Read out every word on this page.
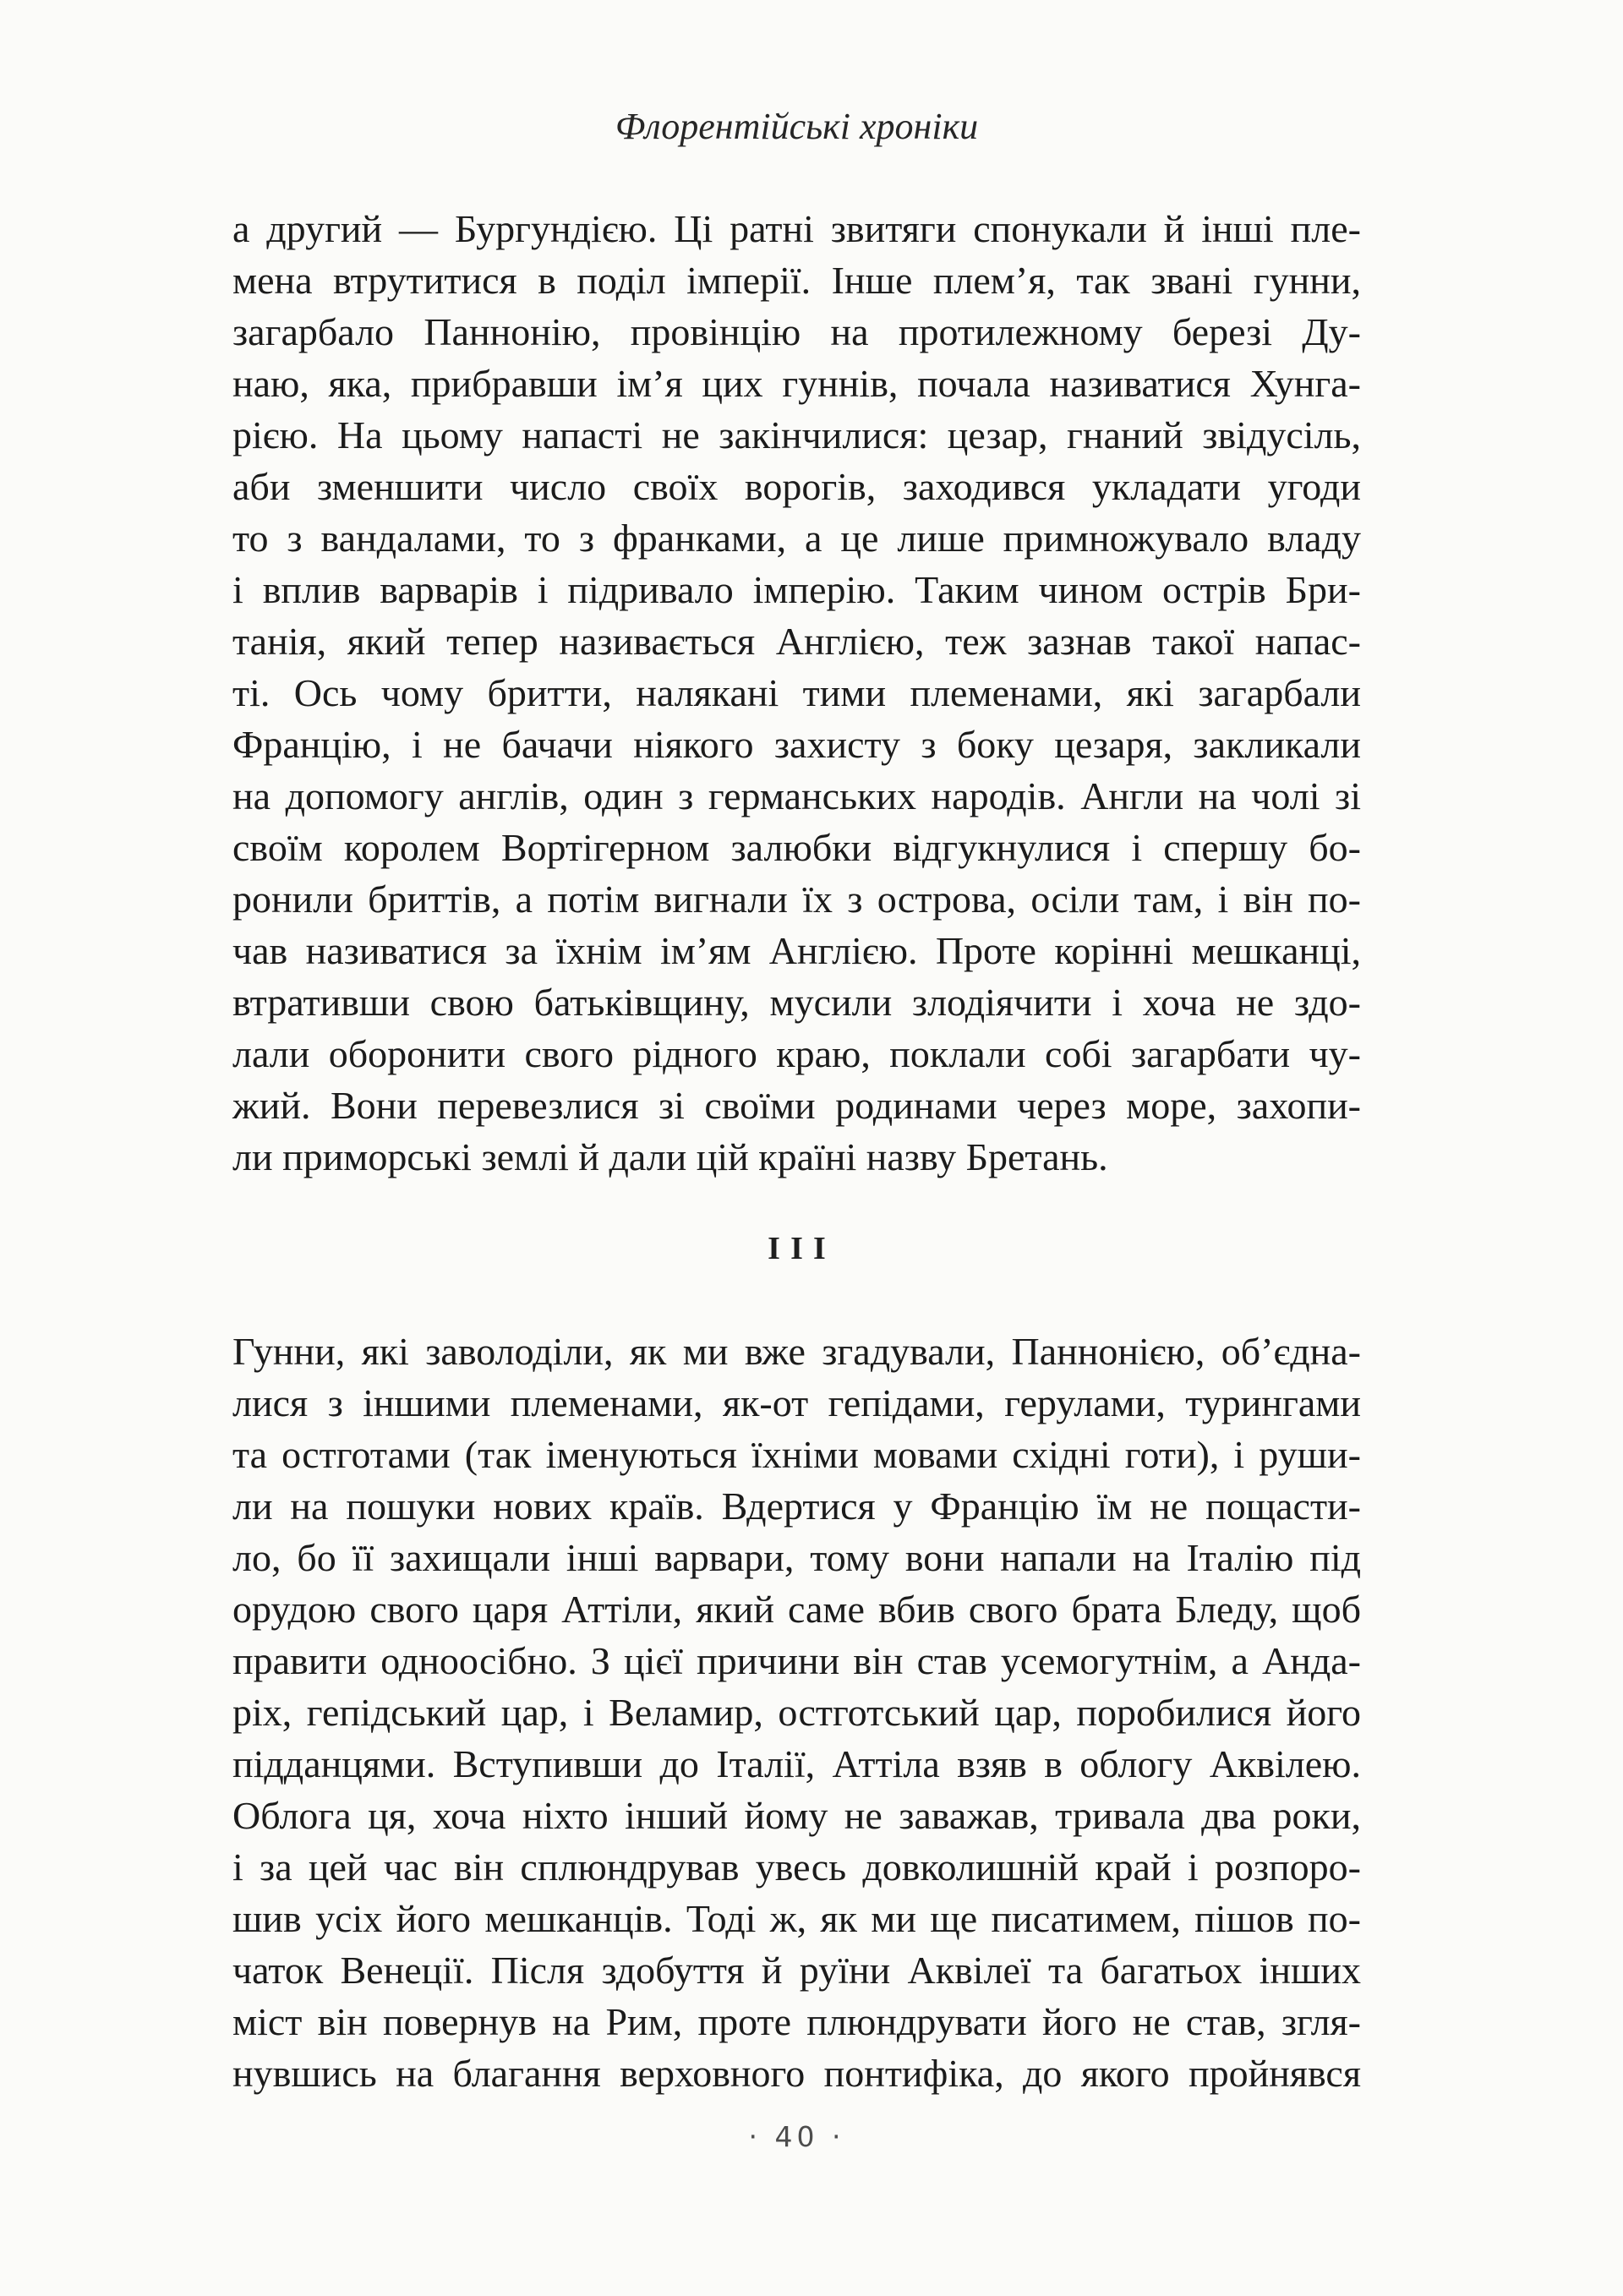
Флорентійські хроніки
а другий — Бургундією. Ці ратні звитяги спонукали й інші пле-
мена втрутитися в поділ імперії. Інше плем’я, так звані гунни,
загарбало Паннонію, провінцію на протилежному березі Ду-
наю, яка, прибравши ім’я цих гуннів, почала називатися Хунга-
рією. На цьому напасті не закінчилися: цезар, гнаний звідусіль,
аби зменшити число своїх ворогів, заходився укладати угоди
то з вандалами, то з франками, а це лише примножувало владу
і вплив варварів і підривало імперію. Таким чином острів Бри-
танія, який тепер називається Англією, теж зазнав такої напас-
ті. Ось чому бритти, налякані тими племенами, які загарбали
Францію, і не бачачи ніякого захисту з боку цезаря, закликали
на допомогу англів, один з германських народів. Англи на чолі зі
своїм королем Вортігерном залюбки відгукнулися і спершу бо-
ронили бриттів, а потім вигнали їх з острова, осіли там, і він по-
чав називатися за їхнім ім’ям Англією. Проте корінні мешканці,
втративши свою батьківщину, мусили злодіячити і хоча не здо-
лали оборонити свого рідного краю, поклали собі загарбати чу-
жий. Вони перевезлися зі своїми родинами через море, захопи-
ли приморські землі й дали цій країні назву Бретань.
III
Гунни, які заволоділи, як ми вже згадували, Паннонією, об’єдна-
лися з іншими племенами, як-от гепідами, герулами, турингами
та остготами (так іменуються їхніми мовами східні готи), і руши-
ли на пошуки нових країв. Вдертися у Францію їм не пощасти-
ло, бо її захищали інші варвари, тому вони напали на Італію під
орудою свого царя Аттіли, який саме вбив свого брата Бледу, щоб
правити одноосібно. З цієї причини він став усемогутнім, а Анда-
ріх, гепідський цар, і Веламир, остготський цар, поробилися його
підданцями. Вступивши до Італії, Аттіла взяв в облогу Аквілею.
Облога ця, хоча ніхто інший йому не заважав, тривала два роки,
і за цей час він сплюндрував увесь довколишній край і розпоро-
шив усіх його мешканців. Тоді ж, як ми ще писатимем, пішов по-
чаток Венеції. Після здобуття й руїни Аквілеї та багатьох інших
міст він повернув на Рим, проте плюндрувати його не став, згля-
нувшись на благання верховного понтифіка, до якого пройнявся
· 40 ·
